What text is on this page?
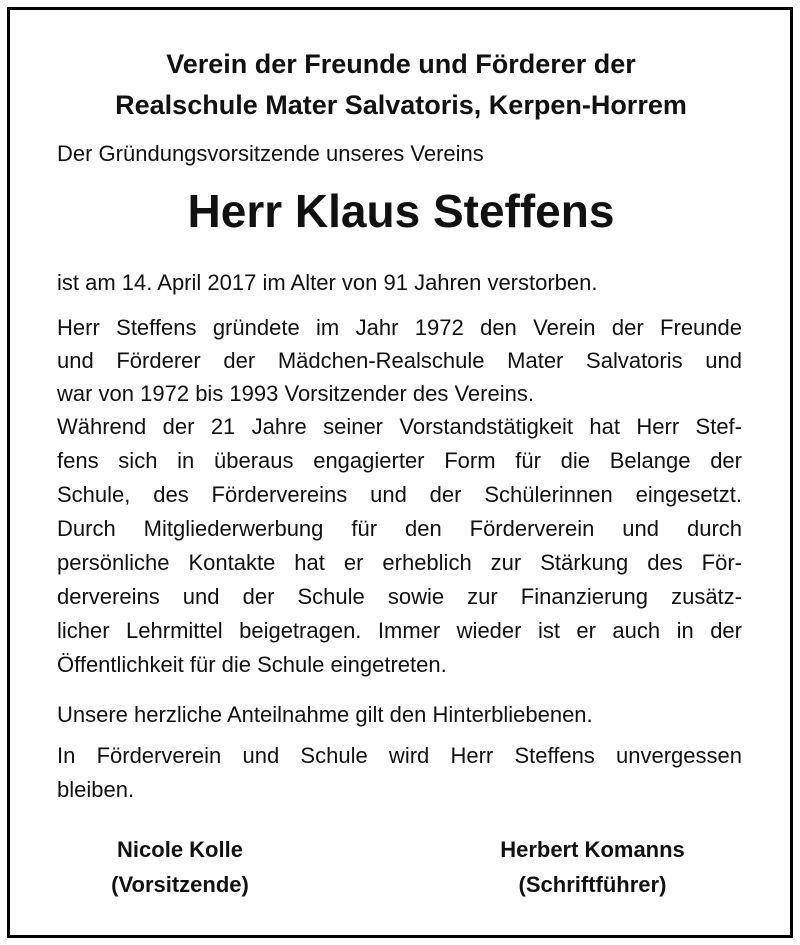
Verein der Freunde und Förderer der
Realschule Mater Salvatoris, Kerpen-Horrem
Der Gründungsvorsitzende unseres Vereins
Herr Klaus Steffens
ist am 14. April 2017 im Alter von 91 Jahren verstorben.
Herr Steffens gründete im Jahr 1972 den Verein der Freunde
und Förderer der Mädchen-Realschule Mater Salvatoris und
war von 1972 bis 1993 Vorsitzender des Vereins.
Während der 21 Jahre seiner Vorstandstätigkeit hat Herr Stef-
fens sich in überaus engagierter Form für die Belange der
Schule, des Fördervereins und der Schülerinnen eingesetzt.
Durch Mitgliederwerbung für den Förderverein und durch
persönliche Kontakte hat er erheblich zur Stärkung des För-
dervereins und der Schule sowie zur Finanzierung zusätz-
licher Lehrmittel beigetragen. Immer wieder ist er auch in der
Öffentlichkeit für die Schule eingetreten.
Unsere herzliche Anteilnahme gilt den Hinterbliebenen.
In Förderverein und Schule wird Herr Steffens unvergessen
bleiben.
Nicole Kolle
(Vorsitzende)
Herbert Komanns
(Schriftführer)
